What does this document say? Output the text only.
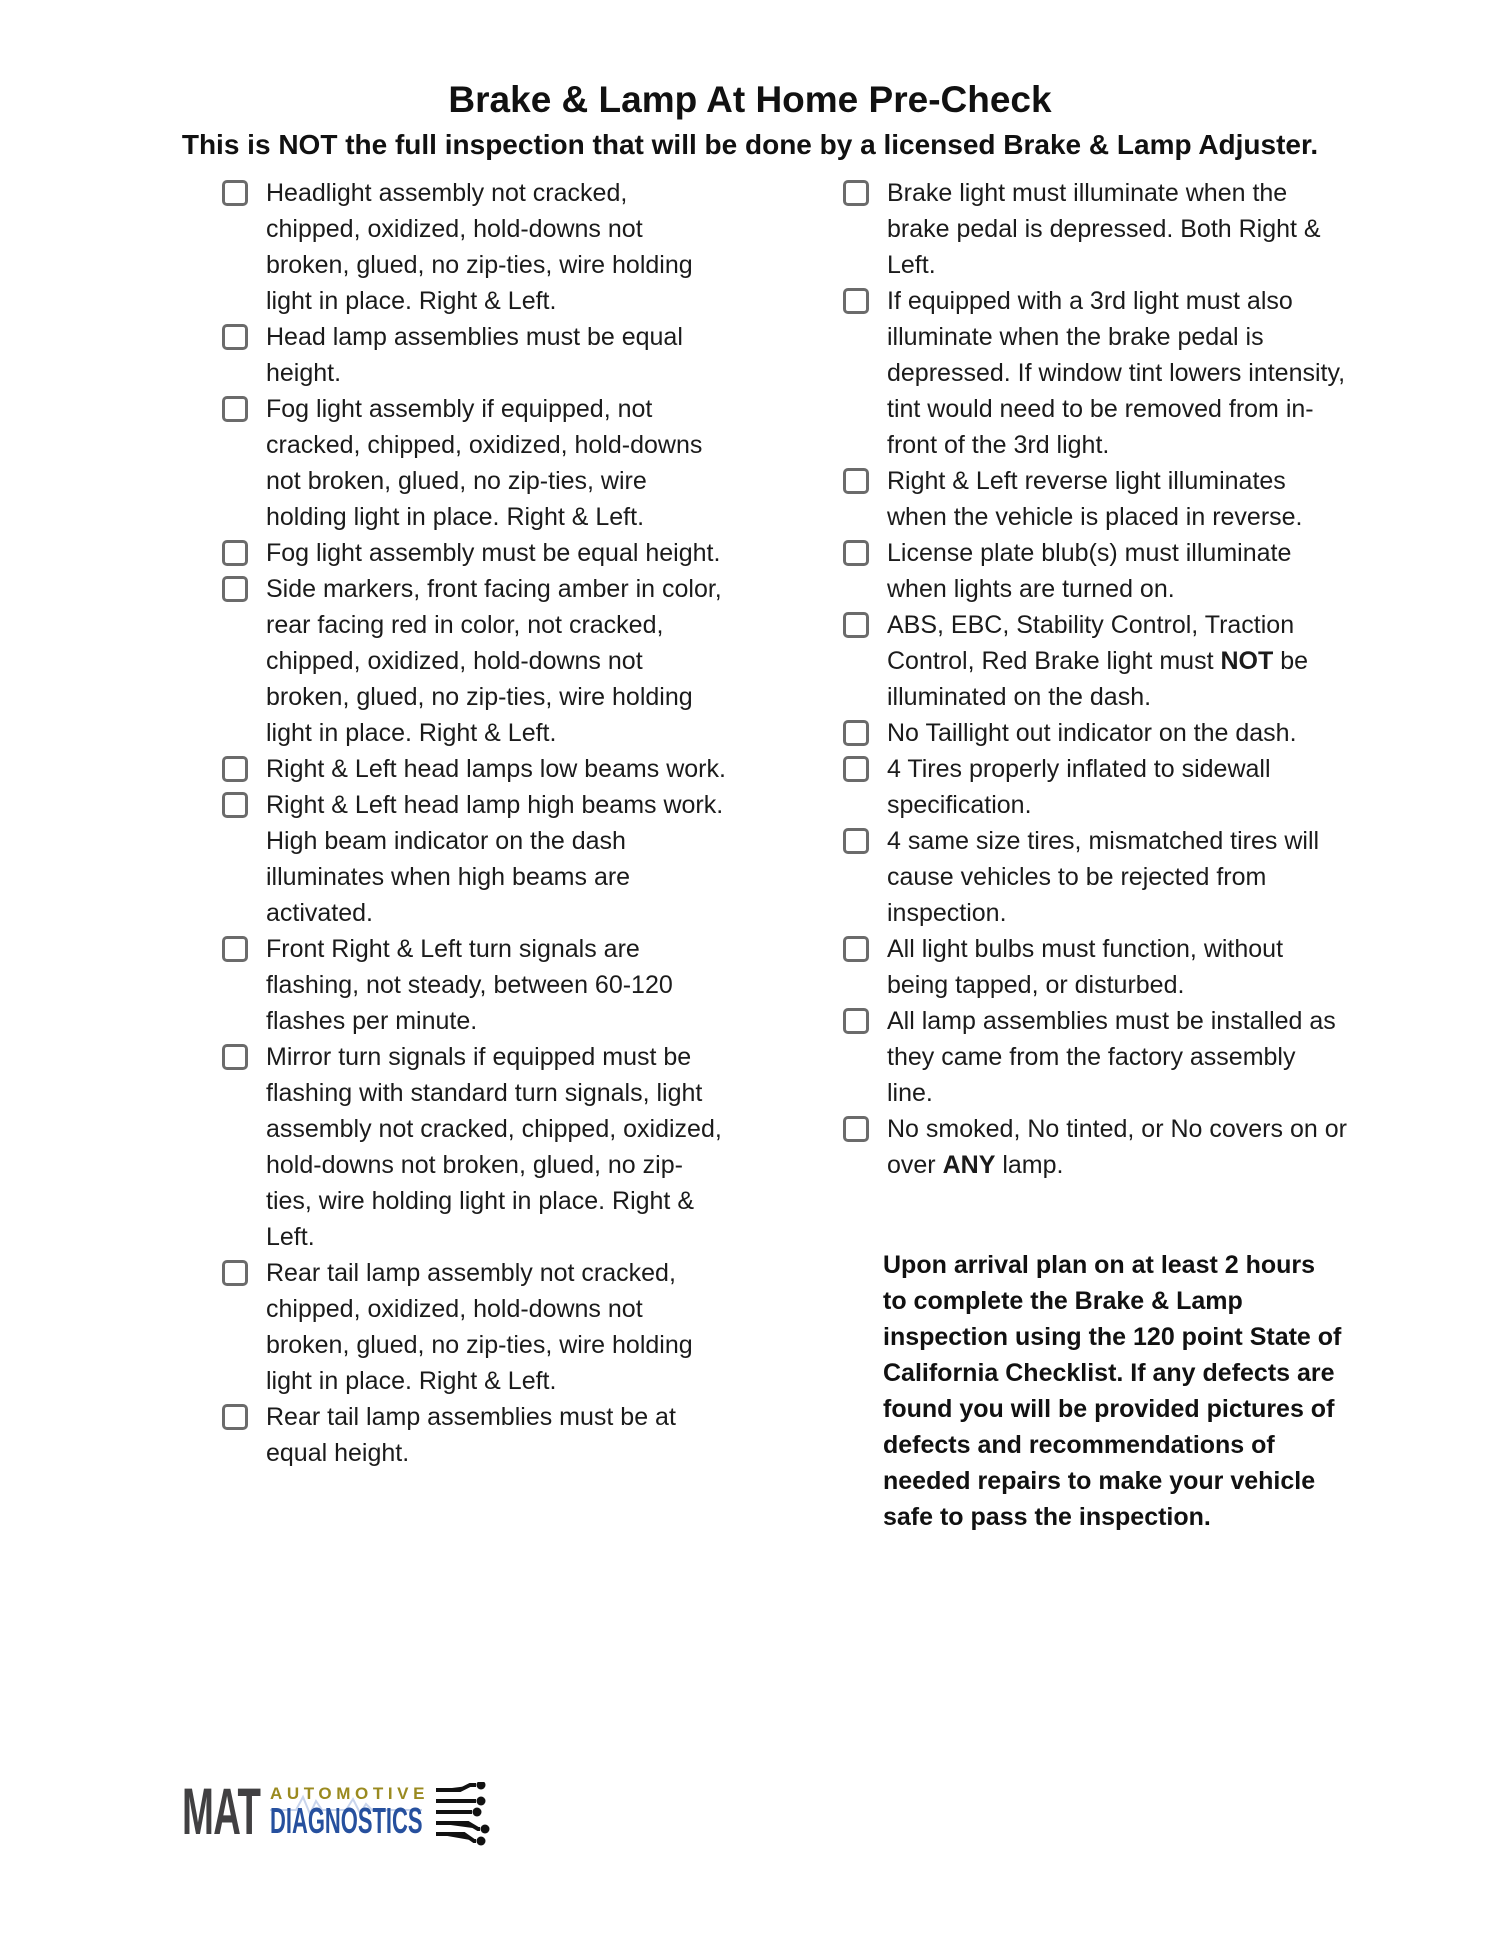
Brake & Lamp At Home Pre-Check
This is NOT the full inspection that will be done by a licensed Brake & Lamp Adjuster.
Headlight assembly not cracked, chipped, oxidized, hold-downs not broken, glued, no zip-ties, wire holding light in place. Right & Left.
Head lamp assemblies must be equal height.
Fog light assembly if equipped, not cracked, chipped, oxidized, hold-downs not broken, glued, no zip-ties, wire holding light in place. Right & Left.
Fog light assembly must be equal height.
Side markers, front facing amber in color, rear facing red in color, not cracked, chipped, oxidized, hold-downs not broken, glued, no zip-ties, wire holding light in place. Right & Left.
Right & Left head lamps low beams work.
Right & Left head lamp high beams work. High beam indicator on the dash illuminates when high beams are activated.
Front Right & Left turn signals are flashing, not steady, between 60-120 flashes per minute.
Mirror turn signals if equipped must be flashing with standard turn signals, light assembly not cracked, chipped, oxidized, hold-downs not broken, glued, no zip-ties, wire holding light in place. Right & Left.
Rear tail lamp assembly not cracked, chipped, oxidized, hold-downs not broken, glued, no zip-ties, wire holding light in place. Right & Left.
Rear tail lamp assemblies must be at equal height.
Brake light must illuminate when the brake pedal is depressed. Both Right & Left.
If equipped with a 3rd light must also illuminate when the brake pedal is depressed. If window tint lowers intensity, tint would need to be removed from in-front of the 3rd light.
Right & Left reverse light illuminates when the vehicle is placed in reverse.
License plate blub(s) must illuminate when lights are turned on.
ABS, EBC, Stability Control, Traction Control, Red Brake light must NOT be illuminated on the dash.
No Taillight out indicator on the dash.
4 Tires properly inflated to sidewall specification.
4 same size tires, mismatched tires will cause vehicles to be rejected from inspection.
All light bulbs must function, without being tapped, or disturbed.
All lamp assemblies must be installed as they came from the factory assembly line.
No smoked, No tinted, or No covers on or over ANY lamp.

Upon arrival plan on at least 2 hours to complete the Brake & Lamp inspection using the 120 point State of California Checklist. If any defects are found you will be provided pictures of defects and recommendations of needed repairs to make your vehicle safe to pass the inspection.

MAT AUTOMOTIVE
DIAGNOSTICS
